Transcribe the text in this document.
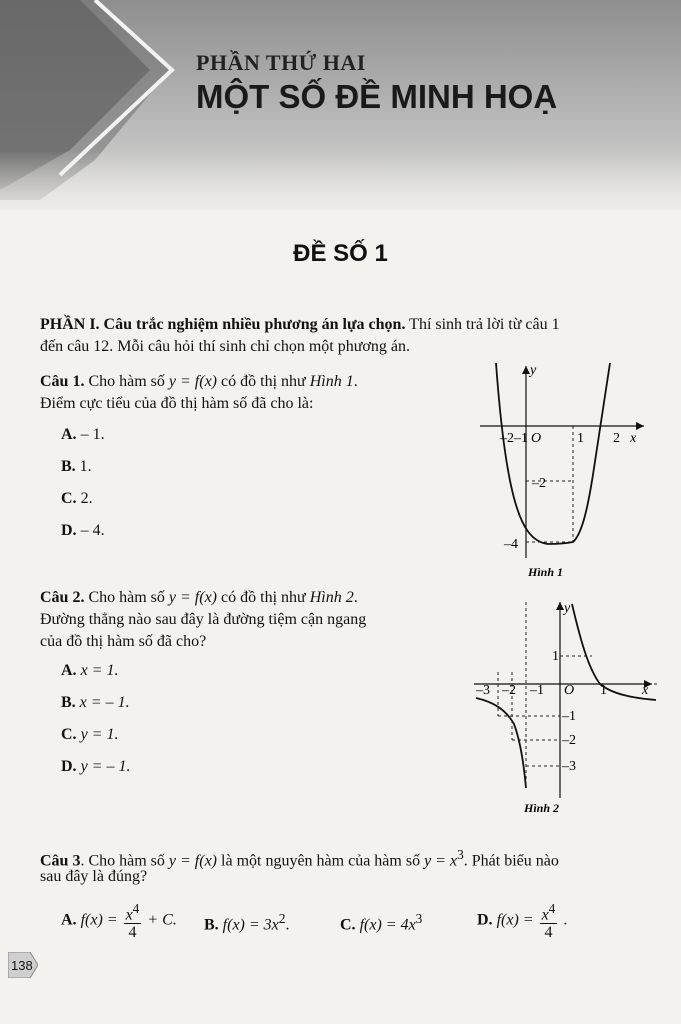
PHẦN THỨ HAI
MỘT SỐ ĐỀ MINH HOẠ
ĐỀ SỐ 1
PHẦN I. Câu trắc nghiệm nhiều phương án lựa chọn. Thí sinh trả lời từ câu 1
đến câu 12. Mỗi câu hỏi thí sinh chỉ chọn một phương án.
Câu 1. Cho hàm số y = f(x) có đồ thị như Hình 1.
Điểm cực tiểu của đồ thị hàm số đã cho là:
A. – 1.
B. 1.
C. 2.
D. – 4.
y
–2 –1 O	1 2 x
–2
–4
Hình 1
Câu 2. Cho hàm số y = f(x) có đồ thị như Hình 2.
Đường thẳng nào sau đây là đường tiệm cận ngang
của đồ thị hàm số đã cho?
A. x = 1.
B. x = – 1.
C. y = 1.
D. y = – 1.
y
–3 –2 –1 O 1	x
1
–1
–2
–3
Hình 2
Câu 3. Cho hàm số y = f(x) là một nguyên hàm của hàm số $y = x^3$. Phát biểu nào
sau đây là đúng?
A. $f(x) = \frac{x^4}{4} + C$. B. $f(x) = 3x^2$.	C. $f(x) = 4x^3$	D. $f(x) = \frac{x^4}{4}$ .
138
